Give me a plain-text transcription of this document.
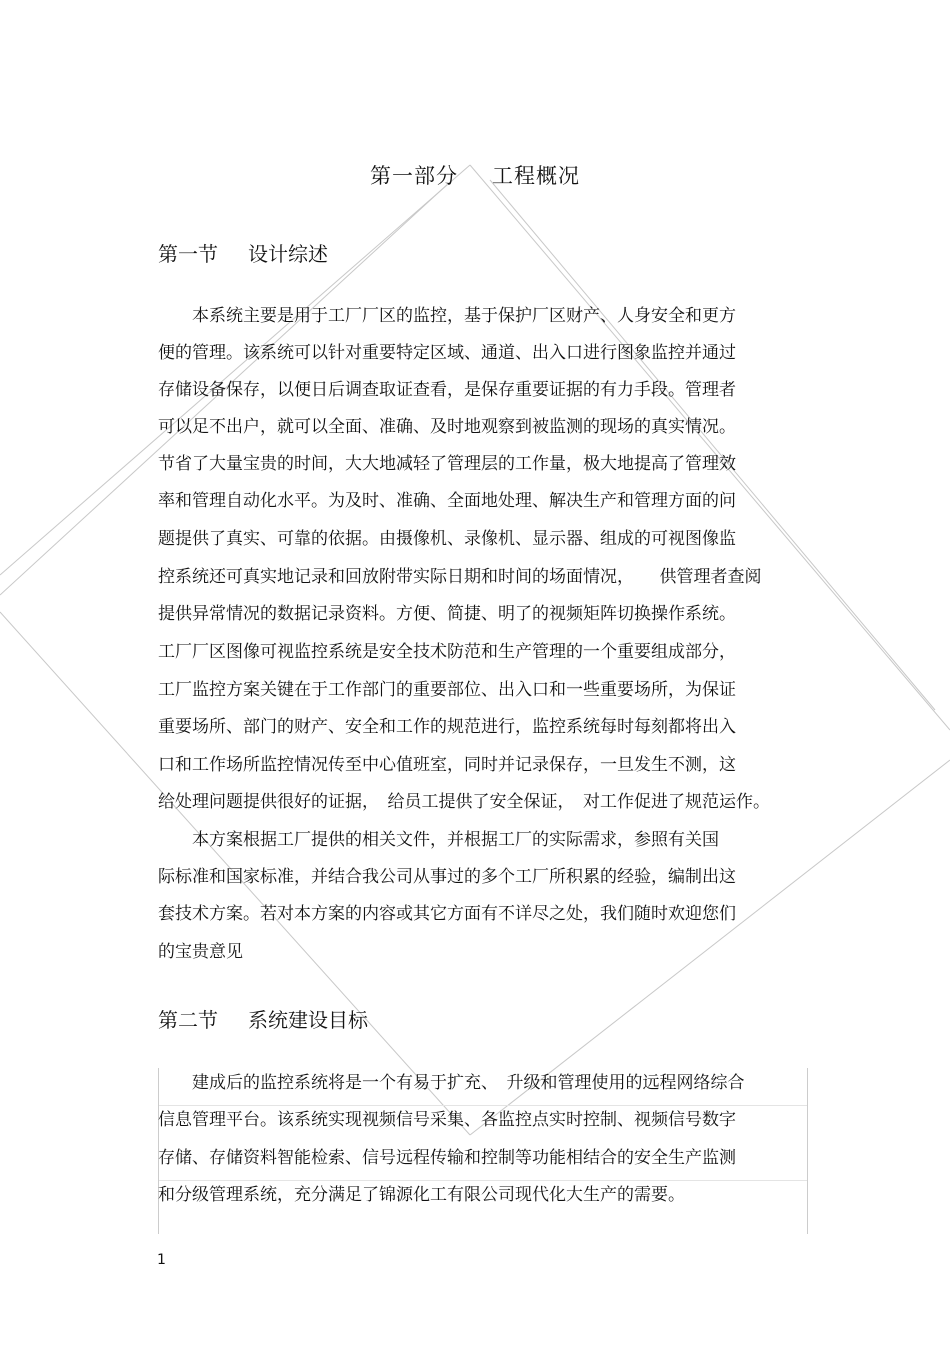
第一部分 工程概况
第一节 设计综述
　　本系统主要是用于工厂厂区的监控，基于保护厂区财产、人身安全和更方
便的管理。该系统可以针对重要特定区域、通道、出入口进行图象监控并通过
存储设备保存，以便日后调查取证查看，是保存重要证据的有力手段。管理者
可以足不出户，就可以全面、准确、及时地观察到被监测的现场的真实情况。
节省了大量宝贵的时间，大大地减轻了管理层的工作量，极大地提高了管理效
率和管理自动化水平。为及时、准确、全面地处理、解决生产和管理方面的问
题提供了真实、可靠的依据。由摄像机、录像机、显示器、组成的可视图像监
控系统还可真实地记录和回放附带实际日期和时间的场面情况，　　供管理者查阅
提供异常情况的数据记录资料。方便、简捷、明了的视频矩阵切换操作系统。
工厂厂区图像可视监控系统是安全技术防范和生产管理的一个重要组成部分，
工厂监控方案关键在于工作部门的重要部位、出入口和一些重要场所，为保证
重要场所、部门的财产、安全和工作的规范进行，监控系统每时每刻都将出入
口和工作场所监控情况传至中心值班室，同时并记录保存，一旦发生不测，这
给处理问题提供很好的证据，　给员工提供了安全保证，　对工作促进了规范运作。
　　本方案根据工厂提供的相关文件，并根据工厂的实际需求，参照有关国
际标准和国家标准，并结合我公司从事过的多个工厂所积累的经验，编制出这
套技术方案。若对本方案的内容或其它方面有不详尽之处，我们随时欢迎您们
的宝贵意见
第二节 系统建设目标
　　建成后的监控系统将是一个有易于扩充、　升级和管理使用的远程网络综合
信息管理平台。该系统实现视频信号采集、各监控点实时控制、视频信号数字
存储、存储资料智能检索、信号远程传输和控制等功能相结合的安全生产监测
和分级管理系统，充分满足了锦源化工有限公司现代化大生产的需要。
1
